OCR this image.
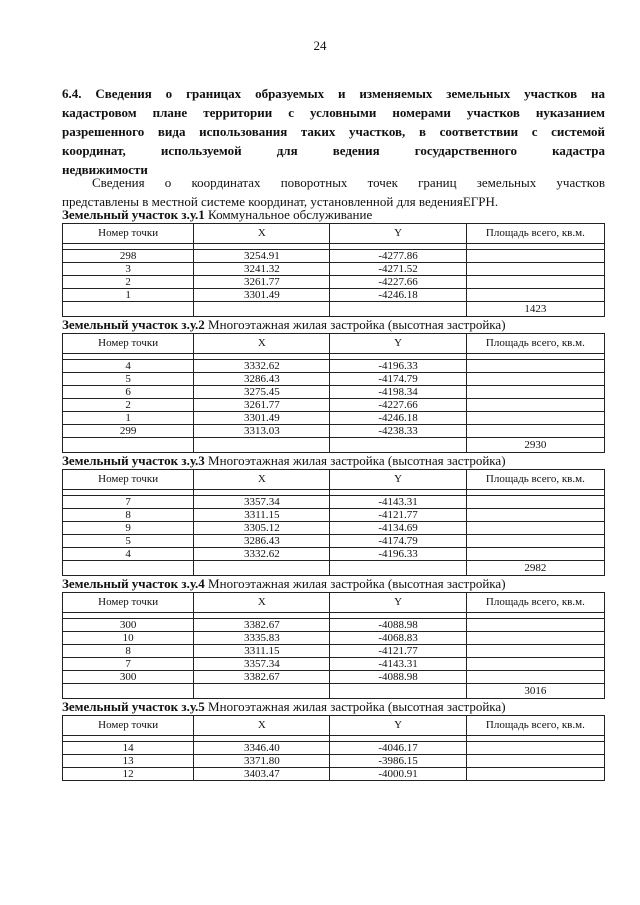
24
6.4. Сведения о границах образуемых и изменяемых земельных участков на
кадастровом плане территории с условными номерами участков нуказанием
разрешенного вида использования таких участков, в соответствии с системой
координат, используемой для ведения государственного кадастра
недвижимости
Сведения о координатах поворотных точек границ земельных участков
представлены в местной системе координат, установленной для веденияЕГРН.
Земельный участок з.у.1 Коммунальное обслуживание
Номер точки	X	Y	Площадь всего, кв.м.

298	3254.91	-4277.86	
3	3241.32	-4271.52	
2	3261.77	-4227.66	
1	3301.49	-4246.18	
			1423
Земельный участок з.у.2 Многоэтажная жилая застройка (высотная застройка)
Номер точки	X	Y	Площадь всего, кв.м.

4	3332.62	-4196.33	
5	3286.43	-4174.79	
6	3275.45	-4198.34	
2	3261.77	-4227.66	
1	3301.49	-4246.18	
299	3313.03	-4238.33	
			2930
Земельный участок з.у.3 Многоэтажная жилая застройка (высотная застройка)
Номер точки	X	Y	Площадь всего, кв.м.

7	3357.34	-4143.31	
8	3311.15	-4121.77	
9	3305.12	-4134.69	
5	3286.43	-4174.79	
4	3332.62	-4196.33	
			2982
Земельный участок з.у.4 Многоэтажная жилая застройка (высотная застройка)
Номер точки	X	Y	Площадь всего, кв.м.

300	3382.67	-4088.98	
10	3335.83	-4068.83	
8	3311.15	-4121.77	
7	3357.34	-4143.31	
300	3382.67	-4088.98	
			3016
Земельный участок з.у.5 Многоэтажная жилая застройка (высотная застройка)
Номер точки	X	Y	Площадь всего, кв.м.

14	3346.40	-4046.17	
13	3371.80	-3986.15	
12	3403.47	-4000.91	
